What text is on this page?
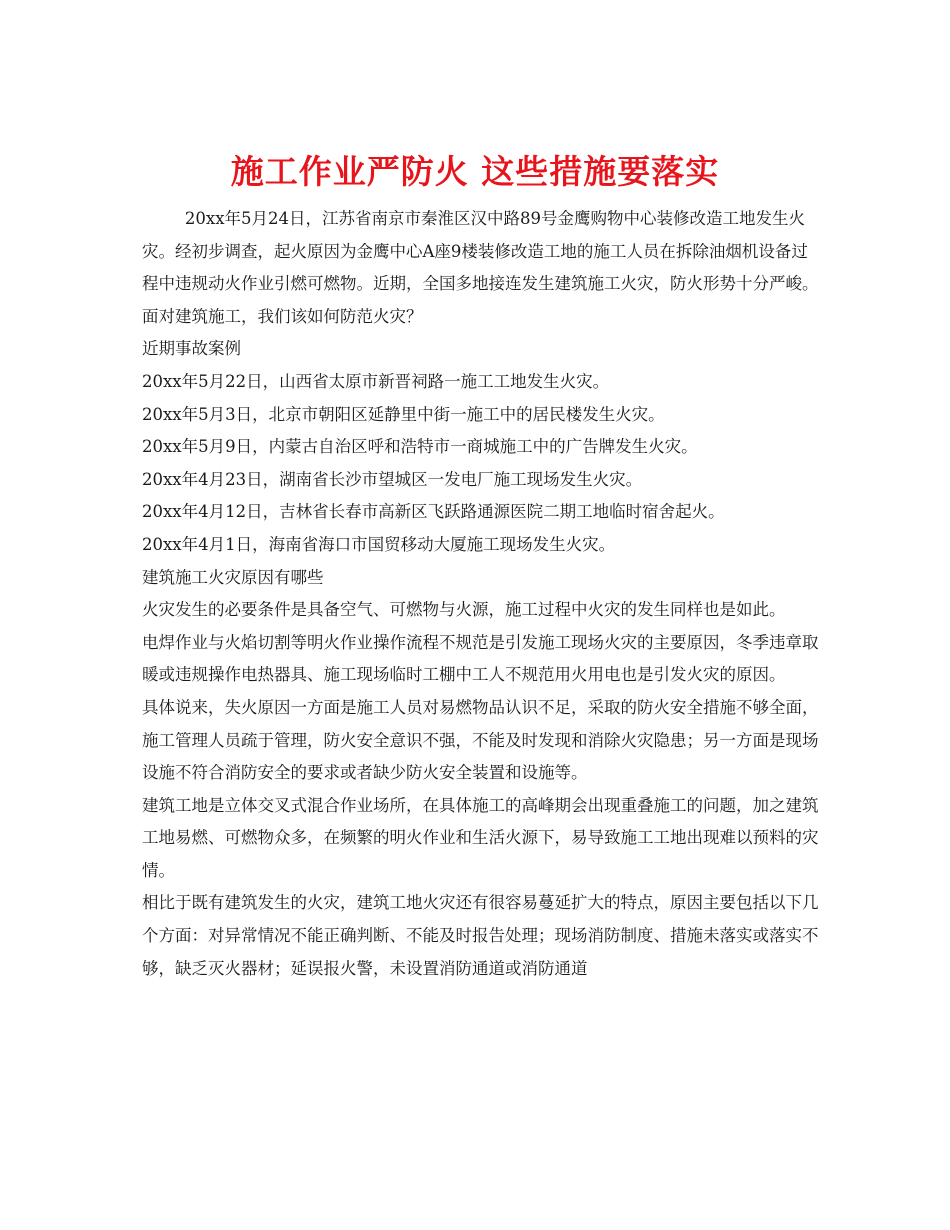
施工作业严防火 这些措施要落实

20xx年5月24日，江苏省南京市秦淮区汉中路89号金鹰购物中心装修改造工地发生火灾。经初步调查，起火原因为金鹰中心A座9楼装修改造工地的施工人员在拆除油烟机设备过程中违规动火作业引燃可燃物。近期，全国多地接连发生建筑施工火灾，防火形势十分严峻。面对建筑施工，我们该如何防范火灾？

近期事故案例

20xx年5月22日，山西省太原市新晋祠路一施工工地发生火灾。

20xx年5月3日，北京市朝阳区延静里中街一施工中的居民楼发生火灾。

20xx年5月9日，内蒙古自治区呼和浩特市一商城施工中的广告牌发生火灾。

20xx年4月23日，湖南省长沙市望城区一发电厂施工现场发生火灾。

20xx年4月12日，吉林省长春市高新区飞跃路通源医院二期工地临时宿舍起火。

20xx年4月1日，海南省海口市国贸移动大厦施工现场发生火灾。

建筑施工火灾原因有哪些

火灾发生的必要条件是具备空气、可燃物与火源，施工过程中火灾的发生同样也是如此。

电焊作业与火焰切割等明火作业操作流程不规范是引发施工现场火灾的主要原因，冬季违章取暖或违规操作电热器具、施工现场临时工棚中工人不规范用火用电也是引发火灾的原因。

具体说来，失火原因一方面是施工人员对易燃物品认识不足，采取的防火安全措施不够全面，施工管理人员疏于管理，防火安全意识不强，不能及时发现和消除火灾隐患；另一方面是现场设施不符合消防安全的要求或者缺少防火安全装置和设施等。

建筑工地是立体交叉式混合作业场所，在具体施工的高峰期会出现重叠施工的问题，加之建筑工地易燃、可燃物众多，在频繁的明火作业和生活火源下，易导致施工工地出现难以预料的灾情。

相比于既有建筑发生的火灾，建筑工地火灾还有很容易蔓延扩大的特点，原因主要包括以下几个方面：对异常情况不能正确判断、不能及时报告处理；现场消防制度、措施未落实或落实不够，缺乏灭火器材；延误报火警，未设置消防通道或消防通道
